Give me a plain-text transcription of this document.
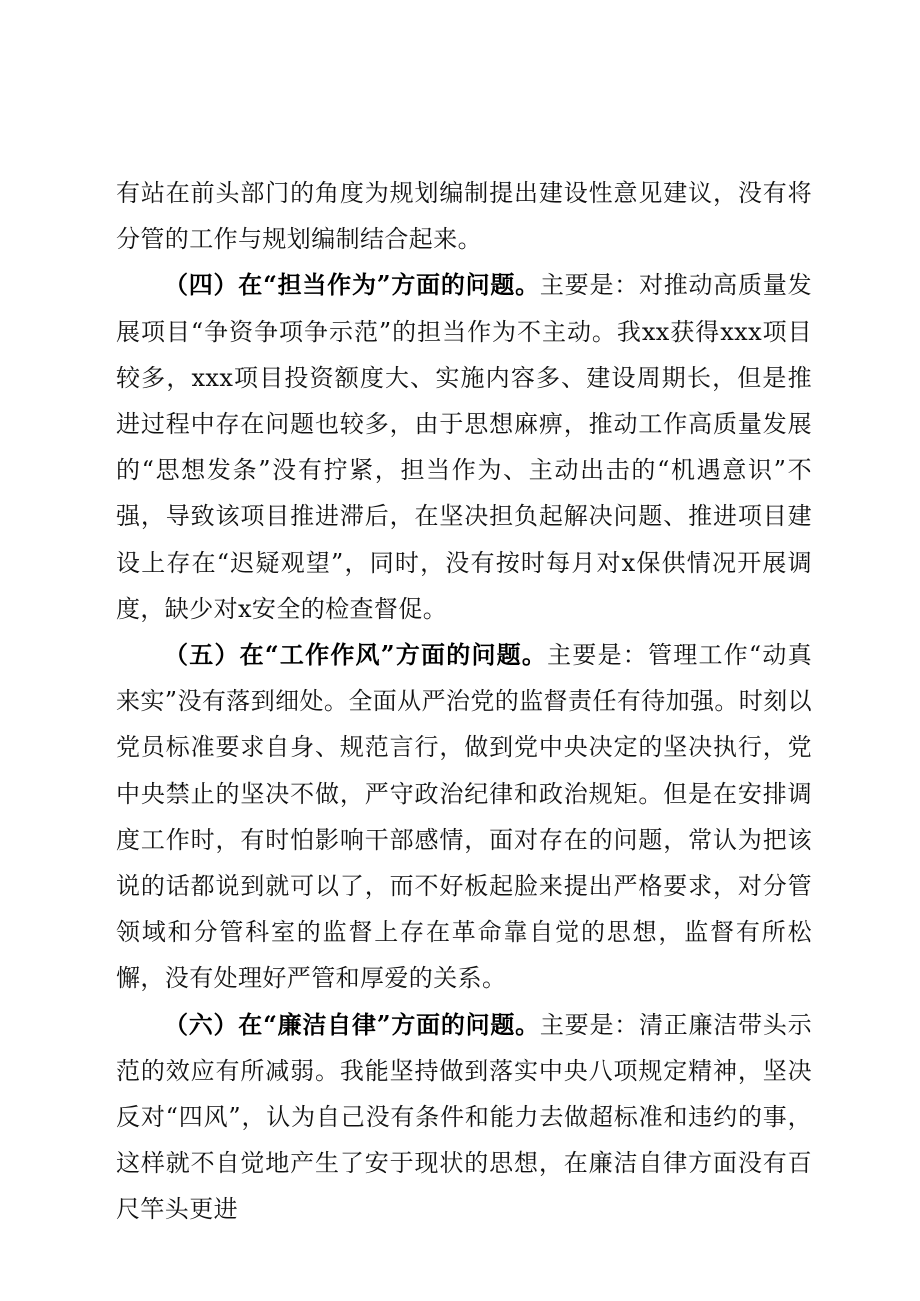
有站在前头部门的角度为规划编制提出建设性意见建议，没有将分管的工作与规划编制结合起来。

（四）在“担当作为”方面的问题。主要是：对推动高质量发展项目“争资争项争示范”的担当作为不主动。我xx获得xxx项目较多，xxx项目投资额度大、实施内容多、建设周期长，但是推进过程中存在问题也较多，由于思想麻痹，推动工作高质量发展的“思想发条”没有拧紧，担当作为、主动出击的“机遇意识”不强，导致该项目推进滞后，在坚决担负起解决问题、推进项目建设上存在“迟疑观望”，同时，没有按时每月对x保供情况开展调度，缺少对x安全的检查督促。

（五）在“工作作风”方面的问题。主要是：管理工作“动真来实”没有落到细处。全面从严治党的监督责任有待加强。时刻以党员标准要求自身、规范言行，做到党中央决定的坚决执行，党中央禁止的坚决不做，严守政治纪律和政治规矩。但是在安排调度工作时，有时怕影响干部感情，面对存在的问题，常认为把该说的话都说到就可以了，而不好板起脸来提出严格要求，对分管领域和分管科室的监督上存在革命靠自觉的思想，监督有所松懈，没有处理好严管和厚爱的关系。

（六）在“廉洁自律”方面的问题。主要是：清正廉洁带头示范的效应有所减弱。我能坚持做到落实中央八项规定精神，坚决反对“四风”，认为自己没有条件和能力去做超标准和违约的事，这样就不自觉地产生了安于现状的思想，在廉洁自律方面没有百尺竿头更进
